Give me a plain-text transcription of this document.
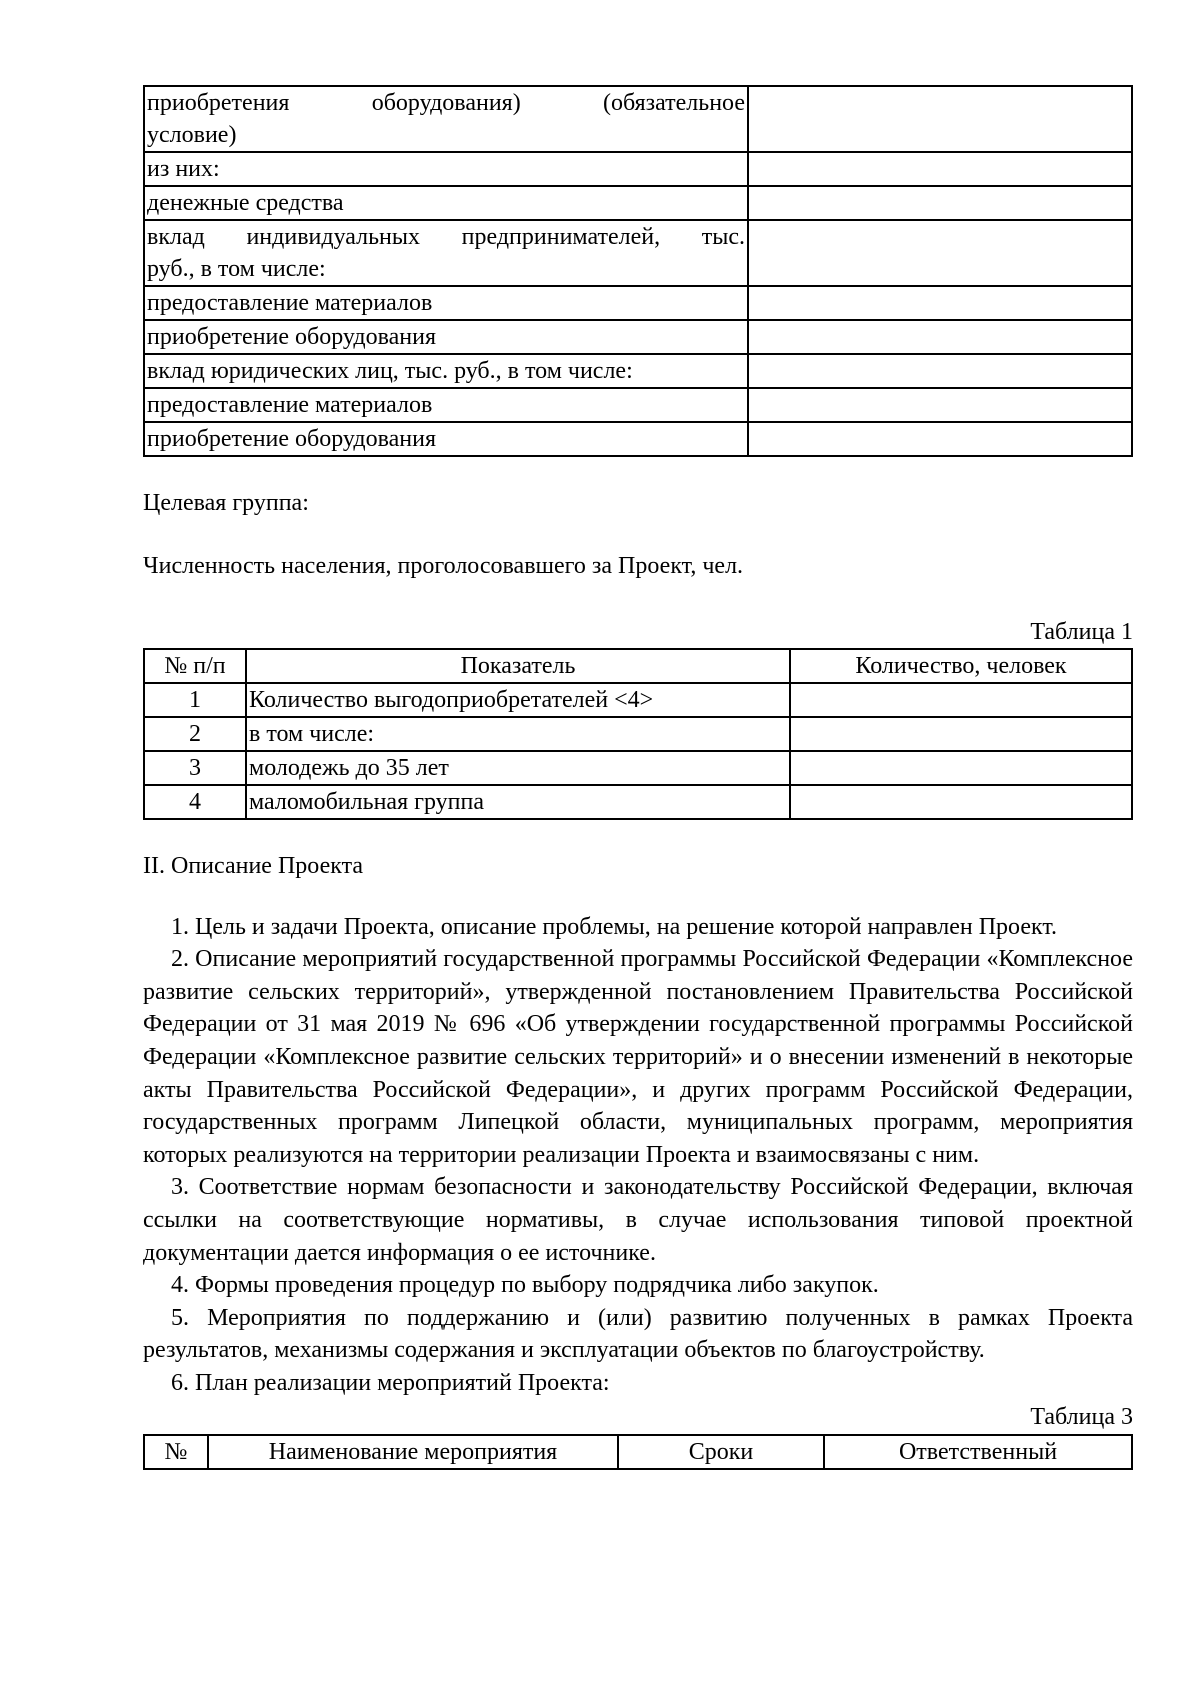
приобретения оборудования) (обязательное
условие)	
из них:	
денежные средства	

вклад индивидуальных предпринимателей, тыс.
руб., в том числе:	
предоставление материалов	
приобретение оборудования	
вклад юридических лиц, тыс. руб., в том числе:	
предоставление материалов	
приобретение оборудования	

Целевая группа:

Численность населения, проголосовавшего за Проект, чел.

Таблица 1

№ п/п	Показатель	Количество, человек
1	Количество выгодоприобретателей <4>	
2	в том числе:	
3	молодежь до 35 лет	
4	маломобильная группа	

II. Описание Проекта

1. Цель и задачи Проекта, описание проблемы, на решение которой направлен Проект.

2. Описание мероприятий государственной программы Российской Федерации «Комплексное развитие сельских территорий», утвержденной постановлением Правительства Российской Федерации от 31 мая 2019 № 696 «Об утверждении государственной программы Российской Федерации «Комплексное развитие сельских территорий» и о внесении изменений в некоторые акты Правительства Российской Федерации», и других программ Российской Федерации, государственных программ Липецкой области, муниципальных программ, мероприятия которых реализуются на территории реализации Проекта и взаимосвязаны с ним.

3. Соответствие нормам безопасности и законодательству Российской Федерации, включая ссылки на соответствующие нормативы, в случае использования типовой проектной документации дается информация о ее источнике.

4. Формы проведения процедур по выбору подрядчика либо закупок.

5. Мероприятия по поддержанию и (или) развитию полученных в рамках Проекта результатов, механизмы содержания и эксплуатации объектов по благоустройству.

6. План реализации мероприятий Проекта:

Таблица 3

№	Наименование мероприятия	Сроки	Ответственный
